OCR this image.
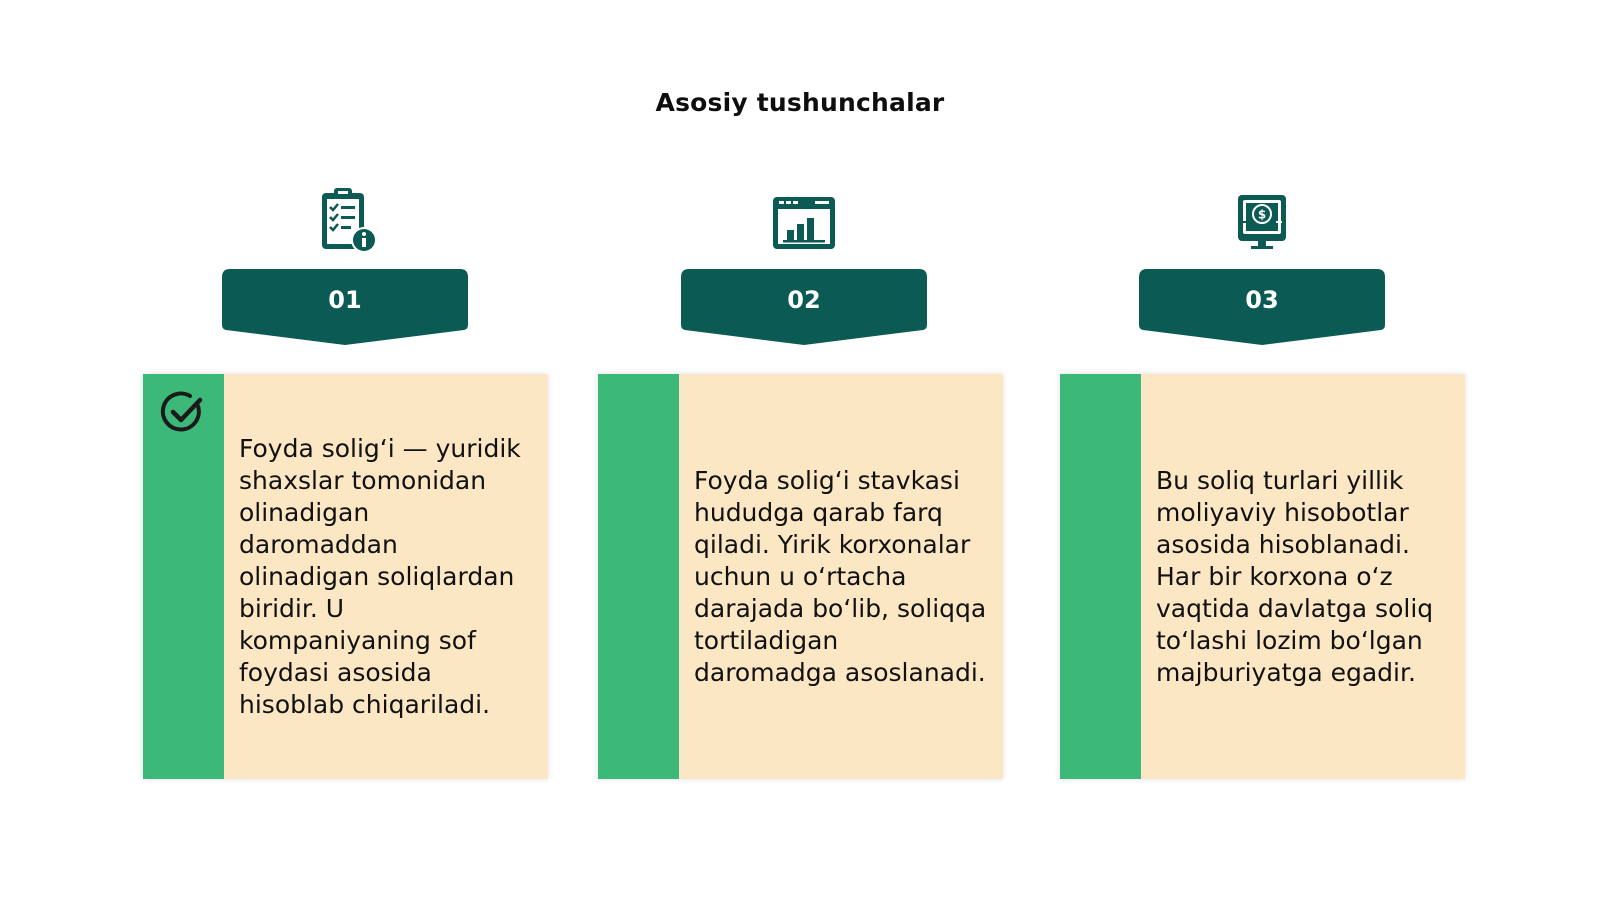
Asosiy tushunchalar
01
Foyda solig‘i — yuridik shaxslar tomonidan olinadigan daromaddan olinadigan soliqlardan biridir. U kompaniyaning sof foydasi asosida hisoblab chiqariladi.
02
Foyda solig‘i stavkasi hududga qarab farq qiladi. Yirik korxonalar uchun u o‘rtacha darajada bo‘lib, soliqqa tortiladigan daromadga asoslanadi.
$
03
Bu soliq turlari yillik moliyaviy hisobotlar asosida hisoblanadi. Har bir korxona o‘z vaqtida davlatga soliq to‘lashi lozim bo‘lgan majburiyatga egadir.
